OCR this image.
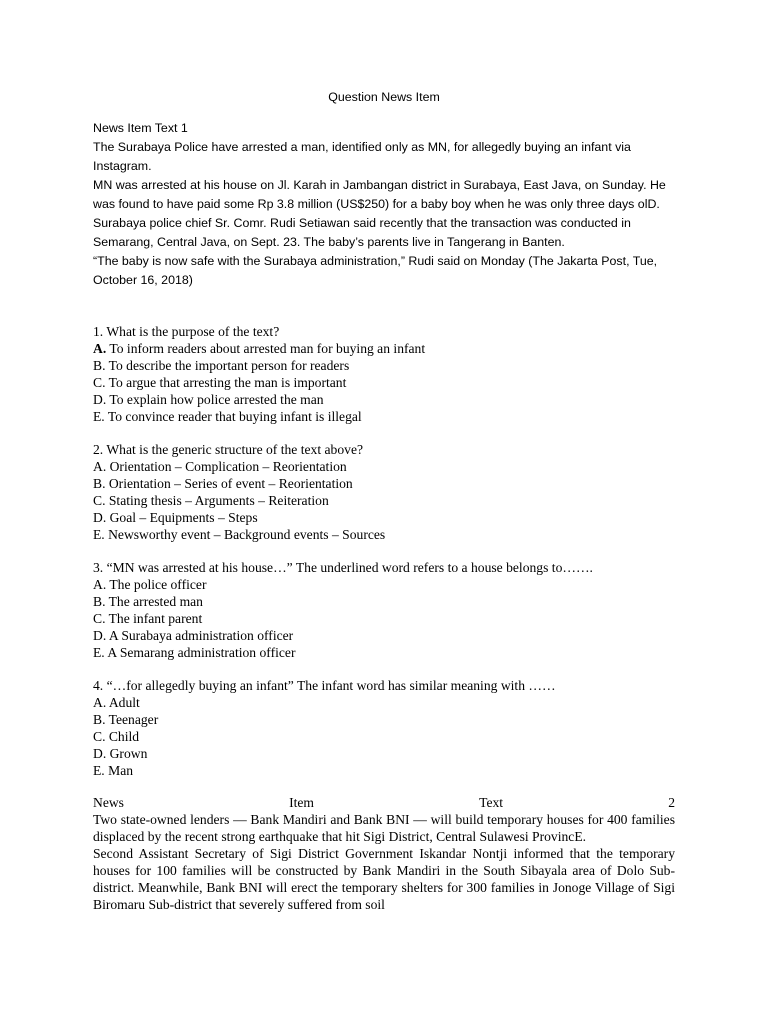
Question News Item

News Item Text 1

The Surabaya Police have arrested a man, identified only as MN, for allegedly buying an infant via Instagram.

MN was arrested at his house on Jl. Karah in Jambangan district in Surabaya, East Java, on Sunday. He was found to have paid some Rp 3.8 million (US$250) for a baby boy when he was only three days olD.

Surabaya police chief Sr. Comr. Rudi Setiawan said recently that the transaction was conducted in Semarang, Central Java, on Sept. 23. The baby’s parents live in Tangerang in Banten.

“The baby is now safe with the Surabaya administration,” Rudi said on Monday (The Jakarta Post, Tue, October 16, 2018)

1. What is the purpose of the text?

A. To inform readers about arrested man for buying an infant

B. To describe the important person for readers

C. To argue that arresting the man is important

D. To explain how police arrested the man

E. To convince reader that buying infant is illegal

2. What is the generic structure of the text above?

A. Orientation – Complication – Reorientation

B. Orientation – Series of event – Reorientation

C. Stating thesis – Arguments – Reiteration

D. Goal – Equipments – Steps

E. Newsworthy event – Background events – Sources

3. “MN was arrested at his house…” The underlined word refers to a house belongs to…….

A. The police officer

B. The arrested man

C. The infant parent

D. A Surabaya administration officer

E. A Semarang administration officer

4. “…for allegedly buying an infant” The infant word has similar meaning with ……

A. Adult

B. Teenager

C. Child

D. Grown

E. Man

News	Item	Text	2

Two state-owned lenders — Bank Mandiri and Bank BNI — will build temporary houses for 400 families displaced by the recent strong earthquake that hit Sigi District, Central Sulawesi ProvincE.

Second Assistant Secretary of Sigi District Government Iskandar Nontji informed that the temporary houses for 100 families will be constructed by Bank Mandiri in the South Sibayala area of Dolo Sub-district. Meanwhile, Bank BNI will erect the temporary shelters for 300 families in Jonoge Village of Sigi Biromaru Sub-district that severely suffered from soil
